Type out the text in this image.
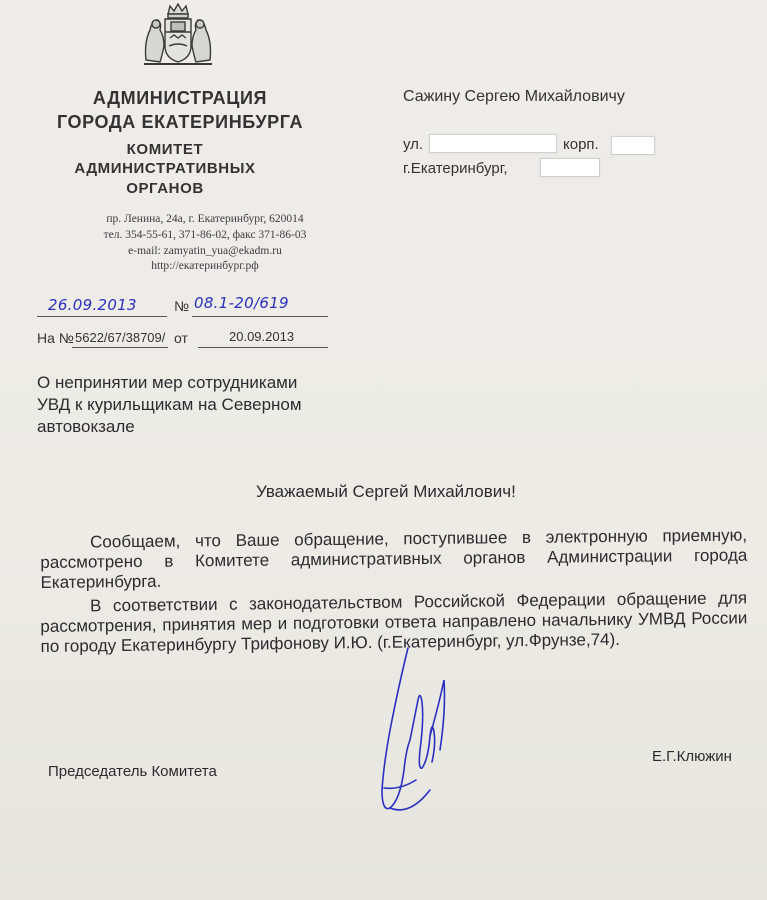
АДМИНИСТРАЦИЯ
ГОРОДА ЕКАТЕРИНБУРГА
КОМИТЕТ
АДМИНИСТРАТИВНЫХ
ОРГАНОВ
пр. Ленина, 24а, г. Екатеринбург, 620014
тел. 354-55-61, 371-86-02, факс 371-86-03
e-mail: zamyatin_yua@ekadm.ru
http://екатеринбург.рф
Сажину Сергею Михайловичу
ул.	корп.
г.Екатеринбург,
26.09.2013	№ 08.1-20/619
На № 5622/67/38709/ от	20.09.2013
О непринятии мер сотрудниками
УВД к курильщикам на Северном
автовокзале
Уважаемый Сергей Михайлович!
Сообщаем, что Ваше обращение, поступившее в электронную приемную, рассмотрено в Комитете административных органов Администрации города Екатеринбурга.
В соответствии с законодательством Российской Федерации обращение для рассмотрения, принятия мер и подготовки ответа направлено начальнику УМВД России по городу Екатеринбургу Трифонову И.Ю. (г.Екатеринбург, ул.Фрунзе,74).
Председатель Комитета
Е.Г.Клюжин
